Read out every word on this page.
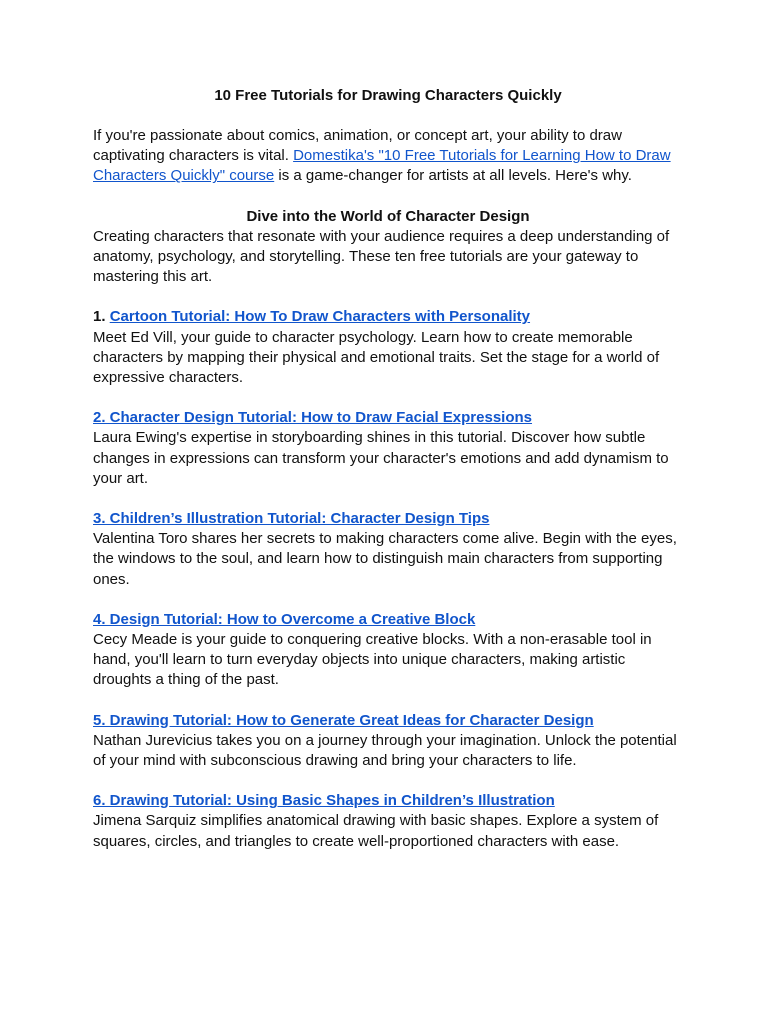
10 Free Tutorials for Drawing Characters Quickly

If you're passionate about comics, animation, or concept art, your ability to draw captivating characters is vital. Domestika's "10 Free Tutorials for Learning How to Draw Characters Quickly" course is a game-changer for artists at all levels. Here's why.

Dive into the World of Character Design

Creating characters that resonate with your audience requires a deep understanding of anatomy, psychology, and storytelling. These ten free tutorials are your gateway to mastering this art.

1. Cartoon Tutorial: How To Draw Characters with Personality

Meet Ed Vill, your guide to character psychology. Learn how to create memorable characters by mapping their physical and emotional traits. Set the stage for a world of expressive characters.

2. Character Design Tutorial: How to Draw Facial Expressions

Laura Ewing's expertise in storyboarding shines in this tutorial. Discover how subtle changes in expressions can transform your character's emotions and add dynamism to your art.

3. Children’s Illustration Tutorial: Character Design Tips

Valentina Toro shares her secrets to making characters come alive. Begin with the eyes, the windows to the soul, and learn how to distinguish main characters from supporting ones.

4. Design Tutorial: How to Overcome a Creative Block

Cecy Meade is your guide to conquering creative blocks. With a non-erasable tool in hand, you'll learn to turn everyday objects into unique characters, making artistic droughts a thing of the past.

5. Drawing Tutorial: How to Generate Great Ideas for Character Design

Nathan Jurevicius takes you on a journey through your imagination. Unlock the potential of your mind with subconscious drawing and bring your characters to life.

6. Drawing Tutorial: Using Basic Shapes in Children’s Illustration

Jimena Sarquiz simplifies anatomical drawing with basic shapes. Explore a system of squares, circles, and triangles to create well-proportioned characters with ease.
